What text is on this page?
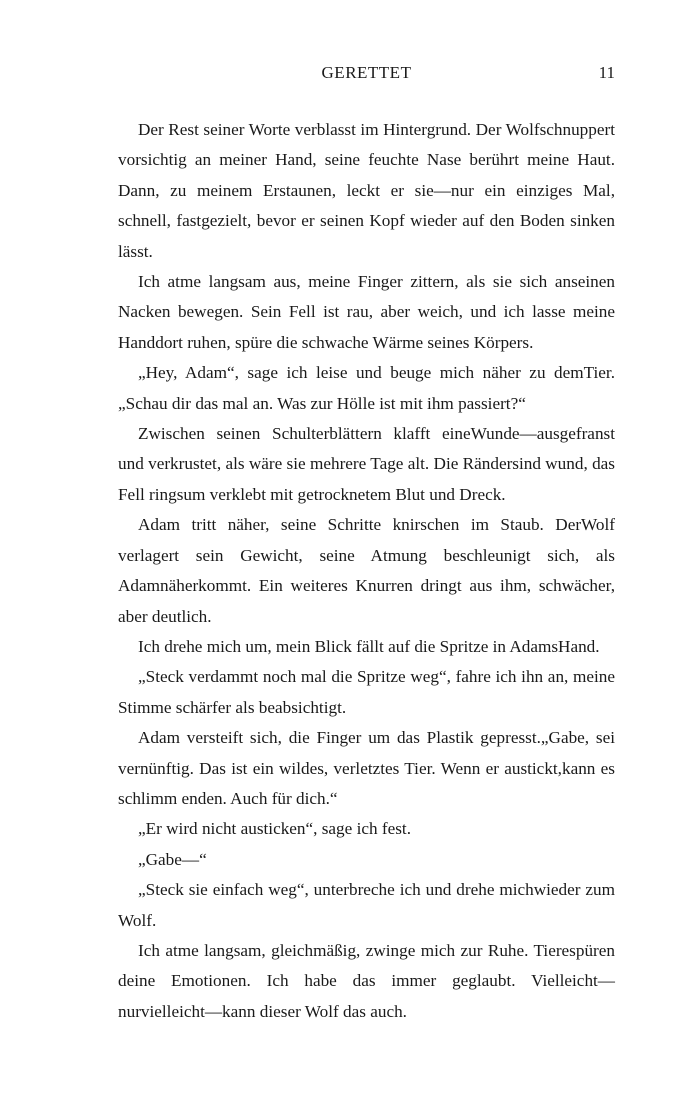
GERETTET	11

Der Rest seiner Worte verblasst im Hintergrund. Der Wolfschnuppert vorsichtig an meiner Hand, seine feuchte Nase berührt meine Haut. Dann, zu meinem Erstaunen, leckt er sie—nur ein einziges Mal, schnell, fastgezielt, bevor er seinen Kopf wieder auf den Boden sinken lässt.

Ich atme langsam aus, meine Finger zittern, als sie sich anseinen Nacken bewegen. Sein Fell ist rau, aber weich, und ich lasse meine Handdort ruhen, spüre die schwache Wärme seines Körpers.

„Hey, Adam“, sage ich leise und beuge mich näher zu demTier. „Schau dir das mal an. Was zur Hölle ist mit ihm passiert?“

Zwischen seinen Schulterblättern klafft eineWunde—ausgefranst und verkrustet, als wäre sie mehrere Tage alt. Die Rändersind wund, das Fell ringsum verklebt mit getrocknetem Blut und Dreck.

Adam tritt näher, seine Schritte knirschen im Staub. DerWolf verlagert sein Gewicht, seine Atmung beschleunigt sich, als Adamnäherkommt. Ein weiteres Knurren dringt aus ihm, schwächer, aber deutlich.

Ich drehe mich um, mein Blick fällt auf die Spritze in AdamsHand.

„Steck verdammt noch mal die Spritze weg“, fahre ich ihn an, meine Stimme schärfer als beabsichtigt.

Adam versteift sich, die Finger um das Plastik gepresst.„Gabe, sei vernünftig. Das ist ein wildes, verletztes Tier. Wenn er austickt,kann es schlimm enden. Auch für dich.“

„Er wird nicht austicken“, sage ich fest.

„Gabe—“

„Steck sie einfach weg“, unterbreche ich und drehe michwieder zum Wolf.

Ich atme langsam, gleichmäßig, zwinge mich zur Ruhe. Tierespüren deine Emotionen. Ich habe das immer geglaubt. Vielleicht—nurvielleicht—kann dieser Wolf das auch.
